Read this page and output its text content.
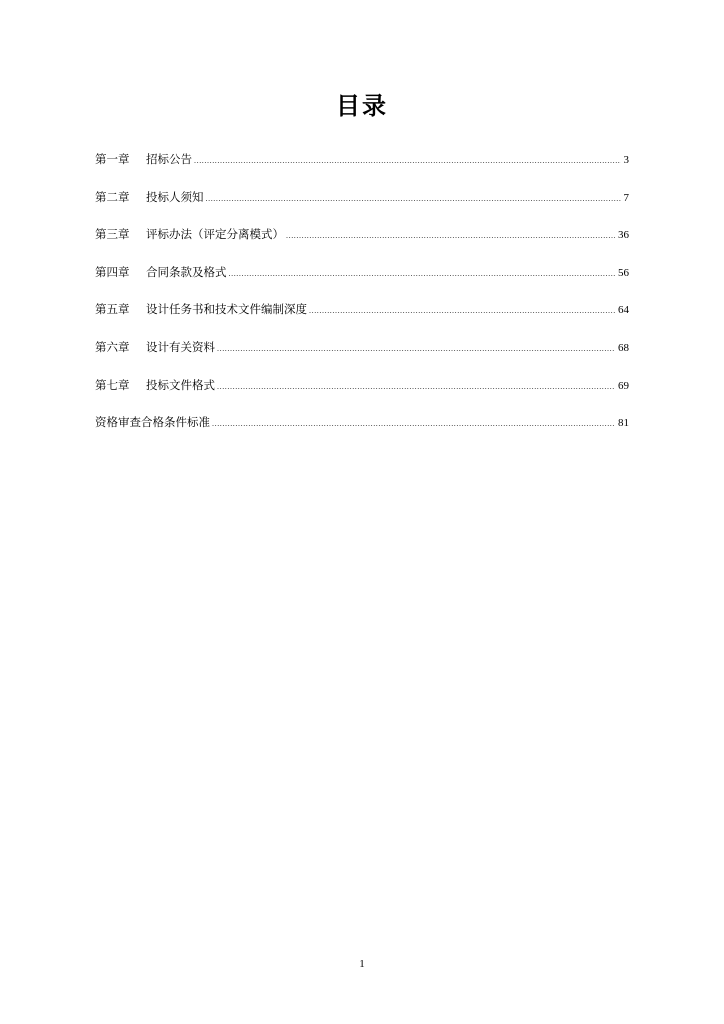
目录
第一章	招标公告 .....	3
第二章	投标人须知 .....	7
第三章	评标办法（评定分离模式） .....	36
第四章	合同条款及格式 .....	56
第五章	设计任务书和技术文件编制深度 .....	64
第六章	设计有关资料 .....	68
第七章	投标文件格式 .....	69
资格审查合格条件标准 .....	81
1
